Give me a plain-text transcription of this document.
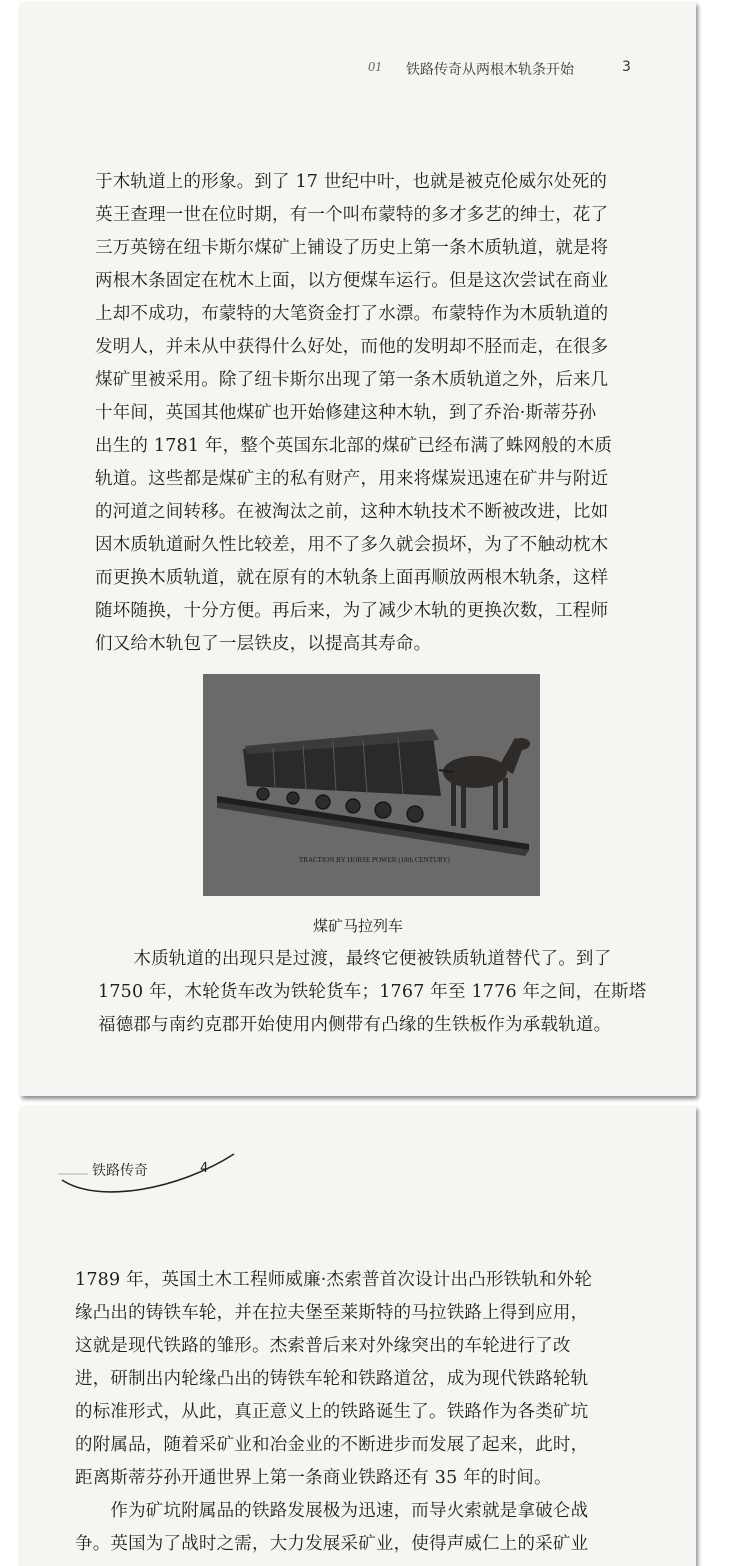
01 铁路传奇从两根木轨条开始	3

于木轨道上的形象。到了 17 世纪中叶，也就是被克伦威尔处死的

英王查理一世在位时期，有一个叫布蒙特的多才多艺的绅士，花了

三万英镑在纽卡斯尔煤矿上铺设了历史上第一条木质轨道，就是将

两根木条固定在枕木上面，以方便煤车运行。但是这次尝试在商业

上却不成功，布蒙特的大笔资金打了水漂。布蒙特作为木质轨道的

发明人，并未从中获得什么好处，而他的发明却不胫而走，在很多

煤矿里被采用。除了纽卡斯尔出现了第一条木质轨道之外，后来几

十年间，英国其他煤矿也开始修建这种木轨，到了乔治·斯蒂芬孙

出生的 1781 年，整个英国东北部的煤矿已经布满了蛛网般的木质

轨道。这些都是煤矿主的私有财产，用来将煤炭迅速在矿井与附近

的河道之间转移。在被淘汰之前，这种木轨技术不断被改进，比如

因木质轨道耐久性比较差，用不了多久就会损坏，为了不触动枕木

而更换木质轨道，就在原有的木轨条上面再顺放两根木轨条，这样

随坏随换，十分方便。再后来，为了减少木轨的更换次数，工程师

们又给木轨包了一层铁皮，以提高其寿命。

TRACTION BY HORSE POWER (18th CENTURY)
煤矿马拉列车

　　木质轨道的出现只是过渡，最终它便被铁质轨道替代了。到了

1750 年，木轮货车改为铁轮货车；1767 年至 1776 年之间，在斯塔

福德郡与南约克郡开始使用内侧带有凸缘的生铁板作为承载轨道。

铁路传奇	4

1789 年，英国土木工程师威廉·杰索普首次设计出凸形铁轨和外轮

缘凸出的铸铁车轮，并在拉夫堡至莱斯特的马拉铁路上得到应用，

这就是现代铁路的雏形。杰索普后来对外缘突出的车轮进行了改

进，研制出内轮缘凸出的铸铁车轮和铁路道岔，成为现代铁路轮轨

的标准形式，从此，真正意义上的铁路诞生了。铁路作为各类矿坑

的附属品，随着采矿业和冶金业的不断进步而发展了起来，此时，

距离斯蒂芬孙开通世界上第一条商业铁路还有 35 年的时间。

　　作为矿坑附属品的铁路发展极为迅速，而导火索就是拿破仑战

争。英国为了战时之需，大力发展采矿业，使得声威仁上的采矿业
